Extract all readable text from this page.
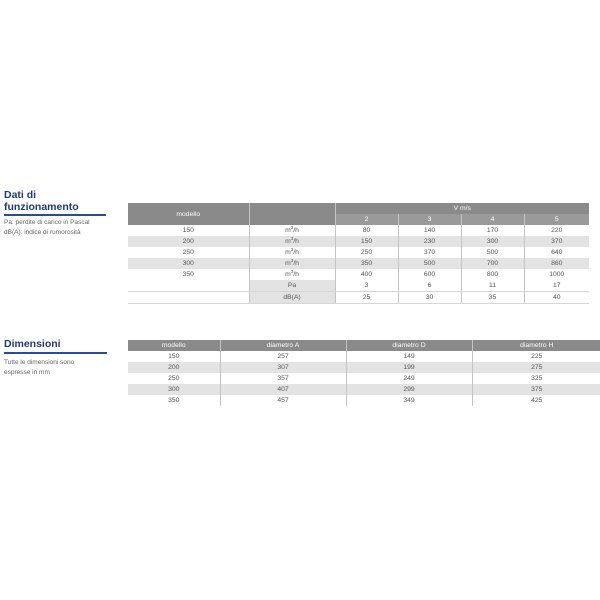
Dati di
funzionamento
Pa: perdite di carico in Pascal
dB(A): indice di rumorosità
modello		V m/s			
		2	3	4	5
150	$m^3/h$	80	140	170	220
200	$m^3/h$	150	230	300	370
250	$m^3/h$	250	370	500	640
300	$m^3/h$	350	500	700	860
350	$m^3/h$	400	600	800	1000
	Pa	3	6	11	17
	dB(A)	25	30	35	40
Dimensioni
Tutte le dimensioni sono
espresse in mm
modello	diametro A	diametro D	diametro H
150	257	149	225
200	307	199	275
250	357	249	325
300	407	299	375
350	457	349	425
